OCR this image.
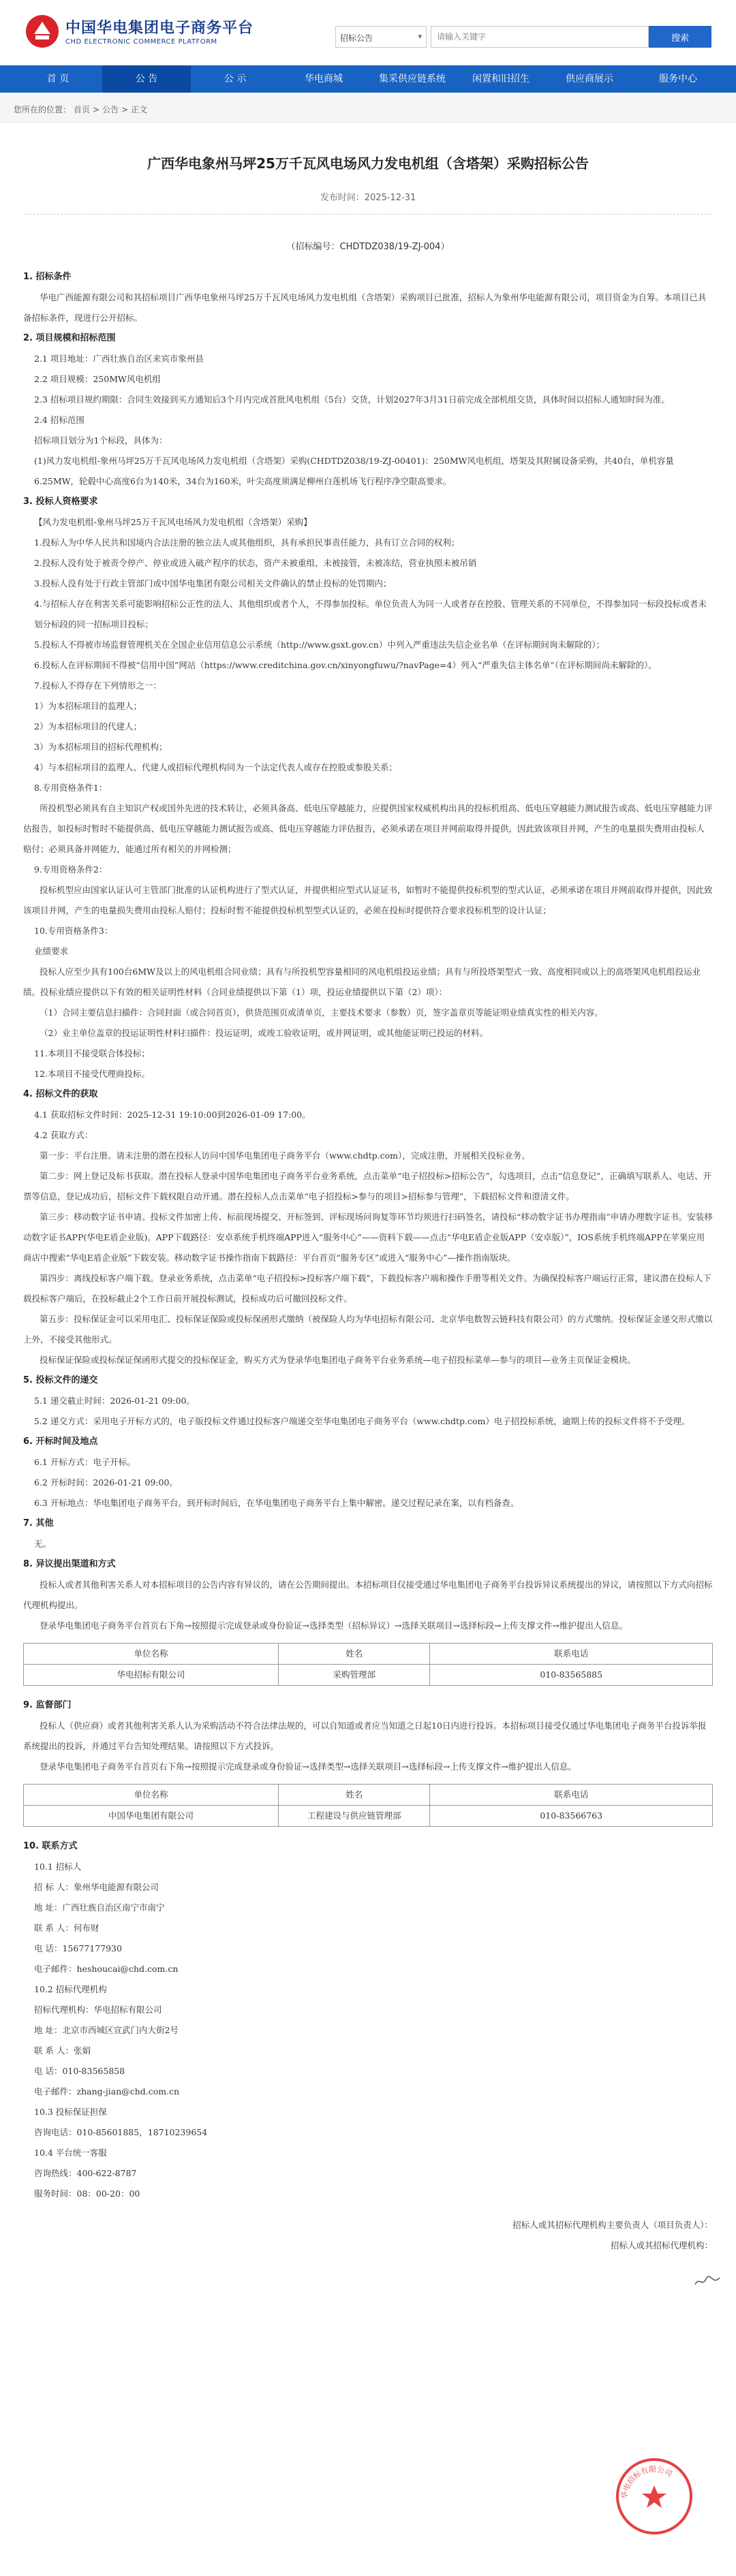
中国华电集团电子商务平台
CHD ELECTRONIC COMMERCE PLATFORM	招标公告	▾
请输入关键字	搜索
首 页	公 告	公 示	华电商城	集采供应链系统	闲置和旧招生	供应商展示	服务中心
您所在的位置： 首页 > 公告 > 正文
广西华电象州马坪25万千瓦风电场风力发电机组（含塔架）采购招标公告
发布时间：2025-12-31
（招标编号：CHDTDZ038/19-ZJ-004）

1. 招标条件

华电广西能源有限公司和其招标项目广西华电象州马坪25万千瓦风电场风力发电机组（含塔架）采购项目已批准，招标人为象州华电能源有限公司，项目资金为自筹。本项目已具备招标条件，现进行公开招标。

2. 项目规模和招标范围

2.1 项目地址：广西壮族自治区来宾市象州县

2.2 项目规模：250MW风电机组

2.3 招标项目规约期限：合同生效接到买方通知后3个月内完成首批风电机组（5台）交货，计划2027年3月31日前完成全部机组交货，具体时间以招标人通知时间为准。

2.4 招标范围

招标项目划分为1个标段，具体为：

(1)风力发电机组-象州马坪25万千瓦风电场风力发电机组（含塔架）采购(CHDTDZ038/19-ZJ-00401)：250MW风电机组，塔架及其附属设备采购，共40台，单机容量6.25MW，轮毂中心高度6台为140米，34台为160米，叶尖高度须满足柳州白莲机场飞行程序净空限高要求。

3. 投标人资格要求

【风力发电机组-象州马坪25万千瓦风电场风力发电机组（含塔架）采购】

1.投标人为中华人民共和国境内合法注册的独立法人或其他组织，具有承担民事责任能力，具有订立合同的权利；

2.投标人没有处于被责令停产、停业或进入破产程序的状态，资产未被重组、未被接管，未被冻结，营业执照未被吊销

3.投标人没有处于行政主管部门或中国华电集团有限公司相关文件确认的禁止投标的处罚期内；

4.与招标人存在利害关系可能影响招标公正性的法人、其他组织或者个人，不得参加投标。单位负责人为同一人或者存在控股、管理关系的不同单位，不得参加同一标段投标或者未划分标段的同一招标项目投标；

5.投标人不得被市场监督管理机关在全国企业信用信息公示系统（http://www.gsxt.gov.cn）中列入严重违法失信企业名单（在评标期间询未解除的）；

6.投标人在评标期间不得被“信用中国”网站（https://www.creditchina.gov.cn/xinyongfuwu/?navPage=4）列入“严重失信主体名单”（在评标期间尚未解除的）。

7.投标人不得存在下列情形之一：

1）为本招标项目的监理人；

2）为本招标项目的代建人；

3）为本招标项目的招标代理机构；

4）与本招标项目的监理人、代建人或招标代理机构同为一个法定代表人或存在控股或参股关系；

8.专用资格条件1：

所投机型必须具有自主知识产权或国外先进的技术转让，必须具备高、低电压穿越能力，应提供国家权威机构出具的投标机组高、低电压穿越能力测试报告或高、低电压穿越能力评估报告，如投标时暂时不能提供高、低电压穿越能力测试报告或高、低电压穿越能力评估报告，必须承诺在项目并网前取得并提供，因此致该项目并网，产生的电量损失费用由投标人赔付；必须具备并网能力，能通过所有相关的并网检测；

9.专用资格条件2：

投标机型应由国家认证认可主管部门批准的认证机构进行了型式认证，并提供相应型式认证证书，如暂时不能提供投标机型的型式认证，必须承诺在项目并网前取得并提供，因此致该项目并网，产生的电量损失费用由投标人赔付；投标时暂不能提供投标机型型式认证的，必须在投标时提供符合要求投标机型的设计认证；

10.专用资格条件3：

业绩要求

投标人应至少具有100台6MW及以上的风电机组合同业绩；具有与所投机型容量相同的风电机组投运业绩；具有与所投塔架型式一致、高度相同或以上的高塔架风电机组投运业绩。投标业绩应提供以下有效的相关证明性材料（合同业绩提供以下第（1）项，投运业绩提供以下第（2）项）：

（1）合同主要信息扫描件：合同封面（或合同首页），供货范围页或清单页，主要技术要求（参数）页，签字盖章页等能证明业绩真实性的相关内容。

（2）业主单位盖章的投运证明性材料扫描件：投运证明，或竣工验收证明，或并网证明，或其他能证明已投运的材料。

11.本项目不接受联合体投标；

12.本项目不接受代理商投标。

4. 招标文件的获取

4.1 获取招标文件时间：2025-12-31 19:10:00到2026-01-09 17:00。

4.2 获取方式：

第一步：平台注册。请未注册的潜在投标人访问中国华电集团电子商务平台（www.chdtp.com），完成注册，开展相关投标业务。

第二步：网上登记及标书获取。潜在投标人登录中国华电集团电子商务平台业务系统，点击菜单“电子招投标>招标公告”，勾选项目，点击“信息登记”，正确填写联系人、电话、开票等信息，登记成功后，招标文件下载权限自动开通。潜在投标人点击菜单“电子招投标>参与的项目>招标参与管理”，下载招标文件和澄清文件。

第三步：移动数字证书申请。投标文件加密上传、标前现场提交、开标签到、评标现场问询复等环节均须进行扫码签名，请投标“移动数字证书办理指南”申请办理数字证书。安装移动数字证书APP(华电E盾企业版)。APP下载路径：安卓系统手机终端APP进入“服务中心”——资料下载——点击“华电E盾企业版APP（安卓版）”，IOS系统手机终端APP在苹果应用商店中搜索“华电E盾企业版”下载安装。移动数字证书操作指南下载路径：平台首页“服务专区”或进入“服务中心”—操作指南版块。

第四步：离线投标客户端下载。登录业务系统，点击菜单“电子招投标>投标客户端下载”，下载投标客户端和操作手册等相关文件。为确保投标客户端运行正常，建议潜在投标人下载投标客户端后，在投标截止2个工作日前开展投标测试，投标成功后可撤回投标文件。

第五步：投标保证金可以采用电汇、投标保证保险或投标保函形式缴纳（被保险人均为华电招标有限公司、北京华电数智云链科技有限公司）的方式缴纳。投标保证金递交形式缴以上外，不接受其他形式。

投标保证保险或投标保证保函形式提交的投标保证金，购买方式为登录华电集团电子商务平台业务系统—电子招投标菜单—参与的项目—业务主页保证金模块。

5. 投标文件的递交

5.1 递交截止时间：2026-01-21 09:00。

5.2 递交方式：采用电子开标方式的，电子版投标文件通过投标客户端递交至华电集团电子商务平台（www.chdtp.com）电子招投标系统，逾期上传的投标文件将不予受理。

6. 开标时间及地点

6.1 开标方式：电子开标。

6.2 开标时间：2026-01-21 09:00。

6.3 开标地点：华电集团电子商务平台。到开标时间后，在华电集团电子商务平台上集中解密。递交过程记录在案，以有档备查。

7. 其他

无。

8. 异议提出渠道和方式

投标人或者其他利害关系人对本招标项目的公告内容有异议的，请在公告期间提出。本招标项目仅接受通过华电集团电子商务平台投诉异议系统提出的异议，请按照以下方式向招标代理机构提出。

登录华电集团电子商务平台首页右下角→按照提示完成登录或身份验证→选择类型（招标异议）→选择关联项目→选择标段→上传支撑文件→维护提出人信息。

单位名称	姓名	联系电话
华电招标有限公司	采购管理部	010-83565885

9. 监督部门

投标人（供应商）或者其他利害关系人认为采购活动不符合法律法规的，可以自知道或者应当知道之日起10日内进行投诉。本招标项目接受仅通过华电集团电子商务平台投诉举报系统提出的投诉，并通过平台告知处理结果。请按照以下方式投诉。

登录华电集团电子商务平台首页右下角→按照提示完成登录或身份验证→选择类型→选择关联项目→选择标段→上传支撑文件→维护提出人信息。

单位名称	姓名	联系电话
中国华电集团有限公司	工程建设与供应链管理部	010-83566763

10. 联系方式

10.1 招标人

招 标 人：象州华电能源有限公司

地 址：广西壮族自治区南宁市南宁

联 系 人：何布财

电 话：15677177930

电子邮件：heshoucai@chd.com.cn

10.2 招标代理机构

招标代理机构：华电招标有限公司

地 址：北京市西城区宣武门内大街2号

联 系 人：张娟

电 话：010-83565858

电子邮件：zhang-jian@chd.com.cn

10.3 投标保证担保

咨询电话：010-85601885，18710239654

10.4 平台统一客服

咨询热线：400-622-8787

服务时间：08：00-20：00

招标人或其招标代理机构主要负责人（项目负责人）：
招标人或其招标代理机构：
华电招标有限公司
